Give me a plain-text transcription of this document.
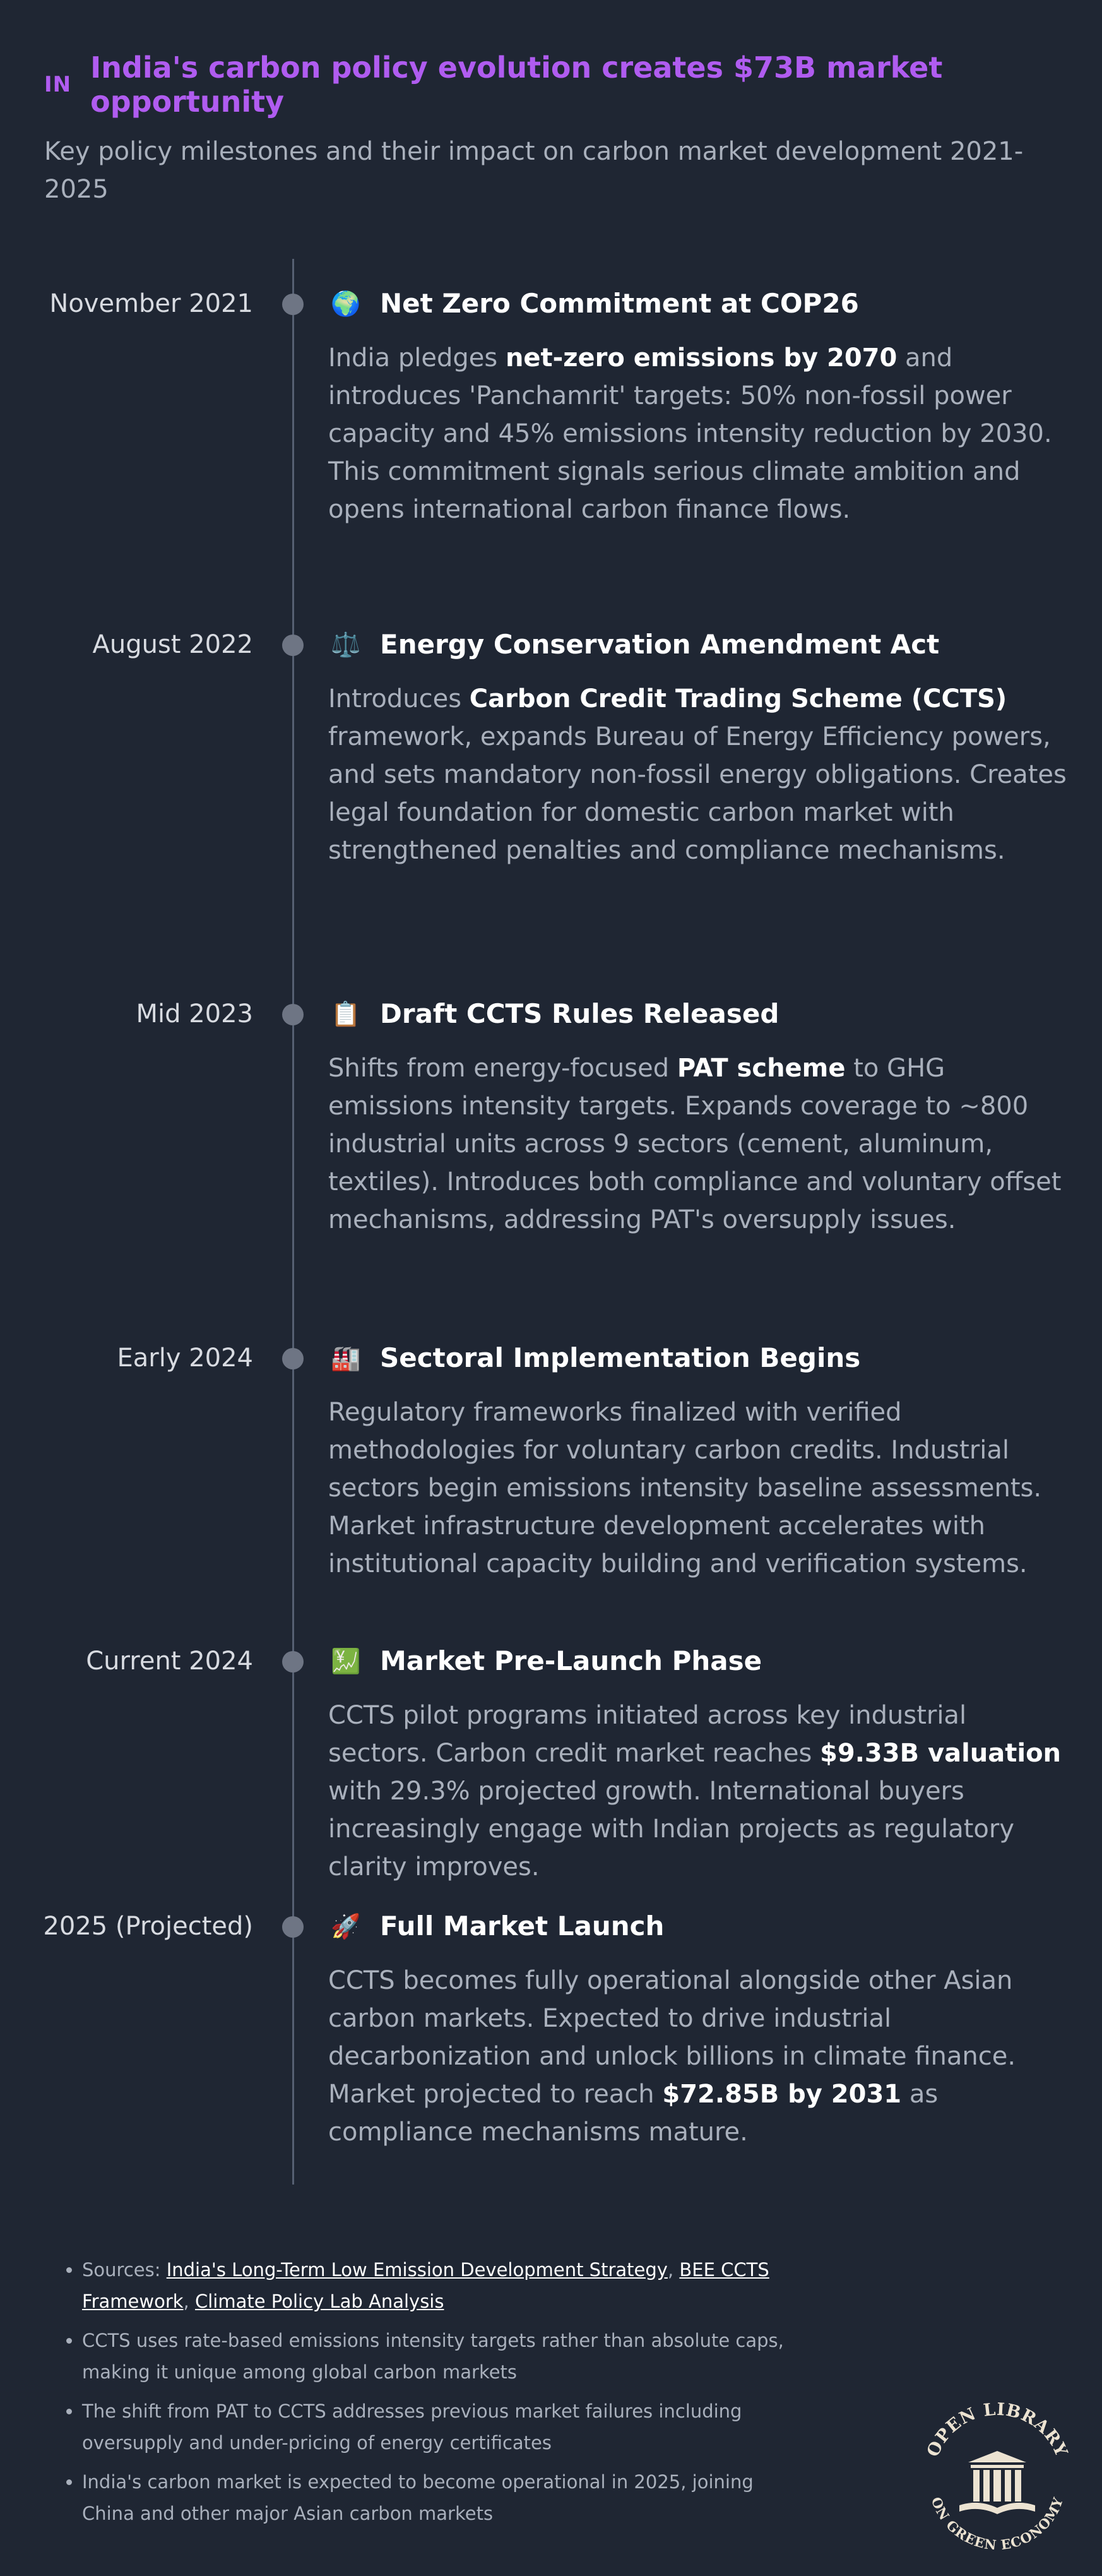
IN India's carbon policy evolution creates $73B market opportunity
Key policy milestones and their impact on carbon market development 2021-2025
November 2021	🌍 Net Zero Commitment at COP26
India pledges net-zero emissions by 2070 and introduces 'Panchamrit' targets: 50% non-fossil power capacity and 45% emissions intensity reduction by 2030. This commitment signals serious climate ambition and opens international carbon finance flows.
August 2022	⚖️ Energy Conservation Amendment Act
Introduces Carbon Credit Trading Scheme (CCTS) framework, expands Bureau of Energy Efficiency powers, and sets mandatory non-fossil energy obligations. Creates legal foundation for domestic carbon market with strengthened penalties and compliance mechanisms.
Mid 2023	📋 Draft CCTS Rules Released
Shifts from energy-focused PAT scheme to GHG emissions intensity targets. Expands coverage to ~800 industrial units across 9 sectors (cement, aluminum, textiles). Introduces both compliance and voluntary offset mechanisms, addressing PAT's oversupply issues.
Early 2024	🏭 Sectoral Implementation Begins
Regulatory frameworks finalized with verified methodologies for voluntary carbon credits. Industrial sectors begin emissions intensity baseline assessments. Market infrastructure development accelerates with institutional capacity building and verification systems.
Current 2024	💹 Market Pre-Launch Phase
CCTS pilot programs initiated across key industrial sectors. Carbon credit market reaches $9.33B valuation with 29.3% projected growth. International buyers increasingly engage with Indian projects as regulatory clarity improves.
2025 (Projected)	🚀 Full Market Launch
CCTS becomes fully operational alongside other Asian carbon markets. Expected to drive industrial decarbonization and unlock billions in climate finance. Market projected to reach $72.85B by 2031 as compliance mechanisms mature.
• Sources: India's Long-Term Low Emission Development Strategy, BEE CCTS Framework, Climate Policy Lab Analysis
• CCTS uses rate-based emissions intensity targets rather than absolute caps, making it unique among global carbon markets
• The shift from PAT to CCTS addresses previous market failures including oversupply and under-pricing of energy certificates
• India's carbon market is expected to become operational in 2025, joining China and other major Asian carbon markets
OPEN LIBRARY
ON GREEN ECONOMY
